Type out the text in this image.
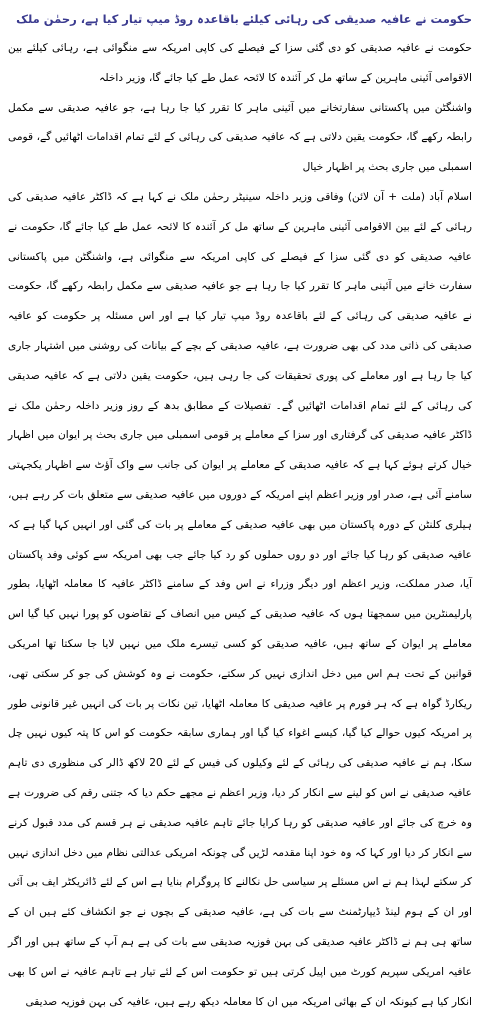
حکومت نے عافیہ صدیقی کی رہائی کیلئے باقاعدہ روڈ میپ تیار کیا ہے، رحمٰن ملک
حکومت نے عافیہ صدیقی کو دی گئی سزا کے فیصلے کی کاپی امریکہ سے منگوائی ہے، رہائی کیلئے بین الاقوامی آئینی ماہرین کے ساتھ مل کر آئندہ کا لائحہ عمل طے کیا جائے گا، وزیر داخلہ
واشنگٹن میں پاکستانی سفارتخانے میں آئینی ماہر کا تقرر کیا جا رہا ہے، جو عافیہ صدیقی سے مکمل رابطہ رکھے گا، حکومت یقین دلاتی ہے کہ عافیہ صدیقی کی رہائی کے لئے تمام اقدامات اٹھائیں گے، قومی اسمبلی میں جاری بحث پر اظہار خیال
اسلام آباد (ملت + آن لائن) وفاقی وزیر داخلہ سینیٹر رحمٰن ملک نے کہا ہے کہ ڈاکٹر عافیہ صدیقی کی رہائی کے لئے بین الاقوامی آئینی ماہرین کے ساتھ مل کر آئندہ کا لائحہ عمل طے کیا جائے گا، حکومت نے عافیہ صدیقی کو دی گئی سزا کے فیصلے کی کاپی امریکہ سے منگوائی ہے، واشنگٹن میں پاکستانی سفارت خانے میں آئینی ماہر کا تقرر کیا جا رہا ہے جو عافیہ صدیقی سے مکمل رابطہ رکھے گا، حکومت نے عافیہ صدیقی کی رہائی کے لئے باقاعدہ روڈ میپ تیار کیا ہے اور اس مسئلہ پر حکومت کو عافیہ صدیقی کی ذاتی مدد کی بھی ضرورت ہے، عافیہ صدیقی کے بچے کے بیانات کی روشنی میں اشتہار جاری کیا جا رہا ہے اور معاملے کی پوری تحقیقات کی جا رہی ہیں، حکومت یقین دلاتی ہے کہ عافیہ صدیقی کی رہائی کے لئے تمام اقدامات اٹھائیں گے۔ تفصیلات کے مطابق بدھ کے روز وزیر داخلہ رحمٰن ملک نے ڈاکٹر عافیہ صدیقی کی گرفتاری اور سزا کے معاملے پر قومی اسمبلی میں جاری بحث پر ایوان میں اظہار خیال کرتے ہوئے کہا ہے کہ عافیہ صدیقی کے معاملے پر ایوان کی جانب سے واک آؤٹ سے اظہار یکجہتی سامنے آئی ہے، صدر اور وزیر اعظم اپنے امریکہ کے دوروں میں عافیہ صدیقی سے متعلق بات کر رہے ہیں، ہیلری کلنٹن کے دورہ پاکستان میں بھی عافیہ صدیقی کے معاملے پر بات کی گئی اور انہیں کہا گیا ہے کہ عافیہ صدیقی کو رہا کیا جائے اور دو روں حملوں کو رد کیا جائے جب بھی امریکہ سے کوئی وفد پاکستان آیا، صدر مملکت، وزیر اعظم اور دیگر وزراء نے اس وفد کے سامنے ڈاکٹر عافیہ کا معاملہ اٹھایا، بطور پارلیمنٹرین میں سمجھتا ہوں کہ عافیہ صدیقی کے کیس میں انصاف کے تقاضوں کو پورا نہیں کیا گیا اس معاملے پر ایوان کے ساتھ ہیں، عافیہ صدیقی کو کسی تیسرے ملک میں نہیں لایا جا سکتا تھا امریکی قوانین کے تحت ہم اس میں دخل اندازی نہیں کر سکتے، حکومت نے وہ کوشش کی جو کر سکتی تھی، ریکارڈ گواہ ہے کہ ہر فورم پر عافیہ صدیقی کا معاملہ اٹھایا، تین نکات پر بات کی انہیں غیر قانونی طور پر امریکہ کیوں حوالے کیا گیا، کیسے اغواء کیا گیا اور ہماری سابقہ حکومت کو اس کا پتہ کیوں نہیں چل سکا، ہم نے عافیہ صدیقی کی رہائی کے لئے وکیلوں کی فیس کے لئے 20 لاکھ ڈالر کی منظوری دی تاہم عافیہ صدیقی نے اس کو لینے سے انکار کر دیا، وزیر اعظم نے مجھے حکم دیا کہ جتنی رقم کی ضرورت ہے وہ خرچ کی جائے اور عافیہ صدیقی کو رہا کرایا جائے تاہم عافیہ صدیقی نے ہر قسم کی مدد قبول کرنے سے انکار کر دیا اور کہا کہ وہ خود اپنا مقدمہ لڑیں گی چونکہ امریکی عدالتی نظام میں دخل اندازی نہیں کر سکتے لہذا ہم نے اس مسئلے پر سیاسی حل نکالنے کا پروگرام بنایا ہے اس کے لئے ڈائریکٹر ایف بی آئی اور ان کے ہوم لینڈ ڈیپارٹمنٹ سے بات کی ہے، عافیہ صدیقی کے بچوں نے جو انکشاف کئے ہیں ان کے ساتھ ہی ہم نے ڈاکٹر عافیہ صدیقی کی بہن فوزیہ صدیقی سے بات کی ہے ہم آپ کے ساتھ ہیں اور اگر عافیہ امریکی سپریم کورٹ میں اپیل کرتی ہیں تو حکومت اس کے لئے تیار ہے تاہم عافیہ نے اس کا بھی انکار کیا ہے کیونکہ ان کے بھائی امریکہ میں ان کا معاملہ دیکھ رہے ہیں، عافیہ کی بہن فوزیہ صدیقی
